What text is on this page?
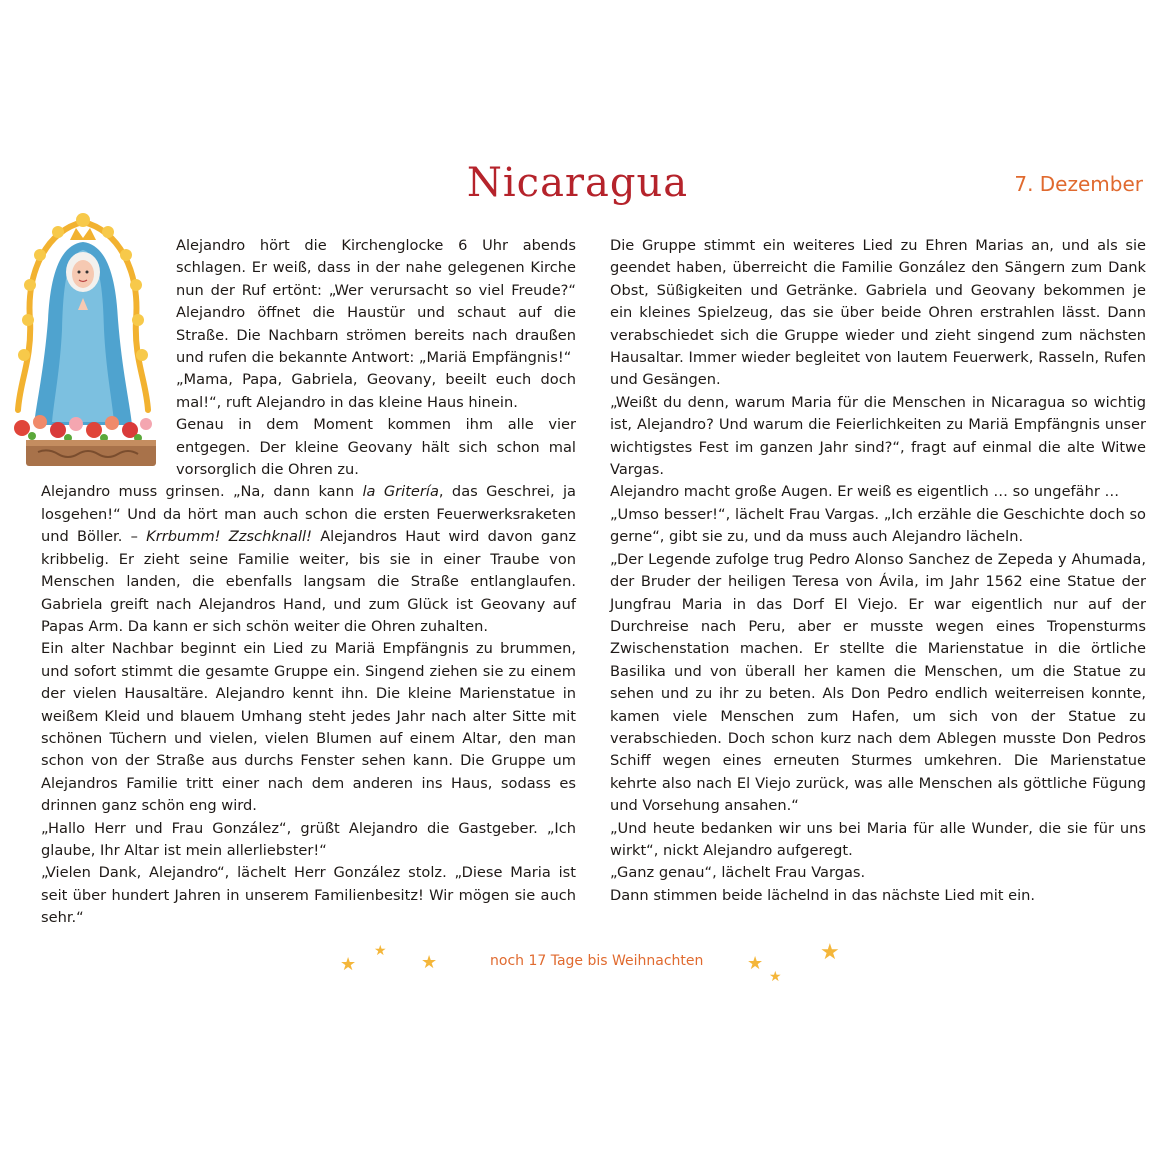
Nicaragua	7. Dezember

Alejandro hört die Kirchenglocke 6 Uhr abends schlagen. Er weiß, dass in der nahe gelegenen Kirche nun der Ruf ertönt: „Wer verursacht so viel Freude?“ Alejandro öffnet die Haustür und schaut auf die Straße. Die Nachbarn strömen bereits nach draußen und rufen die bekannte Antwort: „Mariä Empfängnis!“

„Mama, Papa, Gabriela, Geovany, beeilt euch doch mal!“, ruft Alejandro in das kleine Haus hinein.

Genau in dem Moment kommen ihm alle vier entgegen. Der kleine Geovany hält sich schon mal vorsorglich die Ohren zu.

Alejandro muss grinsen. „Na, dann kann la Gritería, das Geschrei, ja losgehen!“ Und da hört man auch schon die ersten Feuerwerksraketen und Böller. – Krrbumm! Zzschknall! Alejandros Haut wird davon ganz kribbelig. Er zieht seine Familie weiter, bis sie in einer Traube von Menschen landen, die ebenfalls langsam die Straße entlanglaufen. Gabriela greift nach Alejandros Hand, und zum Glück ist Geovany auf Papas Arm. Da kann er sich schön weiter die Ohren zuhalten.

Ein alter Nachbar beginnt ein Lied zu Mariä Empfängnis zu brummen, und sofort stimmt die gesamte Gruppe ein. Singend ziehen sie zu einem der vielen Hausaltäre. Alejandro kennt ihn. Die kleine Marienstatue in weißem Kleid und blauem Umhang steht jedes Jahr nach alter Sitte mit schönen Tüchern und vielen, vielen Blumen auf einem Altar, den man schon von der Straße aus durchs Fenster sehen kann. Die Gruppe um Alejandros Familie tritt einer nach dem anderen ins Haus, sodass es drinnen ganz schön eng wird.

„Hallo Herr und Frau González“, grüßt Alejandro die Gastgeber. „Ich glaube, Ihr Altar ist mein allerliebster!“

„Vielen Dank, Alejandro“, lächelt Herr González stolz. „Diese Maria ist seit über hundert Jahren in unserem Familienbesitz! Wir mögen sie auch sehr.“

Die Gruppe stimmt ein weiteres Lied zu Ehren Marias an, und als sie geendet haben, überreicht die Familie González den Sängern zum Dank Obst, Süßigkeiten und Getränke. Gabriela und Geovany bekommen je ein kleines Spielzeug, das sie über beide Ohren erstrahlen lässt. Dann verabschiedet sich die Gruppe wieder und zieht singend zum nächsten Hausaltar. Immer wieder begleitet von lautem Feuerwerk, Rasseln, Rufen und Gesängen.

„Weißt du denn, warum Maria für die Menschen in Nicaragua so wichtig ist, Alejandro? Und warum die Feierlichkeiten zu Mariä Empfängnis unser wichtigstes Fest im ganzen Jahr sind?“, fragt auf einmal die alte Witwe Vargas.

Alejandro macht große Augen. Er weiß es eigentlich … so ungefähr …

„Umso besser!“, lächelt Frau Vargas. „Ich erzähle die Geschichte doch so gerne“, gibt sie zu, und da muss auch Alejandro lächeln.

„Der Legende zufolge trug Pedro Alonso Sanchez de Zepeda y Ahumada, der Bruder der heiligen Teresa von Ávila, im Jahr 1562 eine Statue der Jungfrau Maria in das Dorf El Viejo. Er war eigentlich nur auf der Durchreise nach Peru, aber er musste wegen eines Tropensturms Zwischenstation machen. Er stellte die Marienstatue in die örtliche Basilika und von überall her kamen die Menschen, um die Statue zu sehen und zu ihr zu beten. Als Don Pedro endlich weiterreisen konnte, kamen viele Menschen zum Hafen, um sich von der Statue zu verabschieden. Doch schon kurz nach dem Ablegen musste Don Pedros Schiff wegen eines erneuten Sturmes umkehren. Die Marienstatue kehrte also nach El Viejo zurück, was alle Menschen als göttliche Fügung und Vorsehung ansahen.“

„Und heute bedanken wir uns bei Maria für alle Wunder, die sie für uns wirkt“, nickt Alejandro aufgeregt.

„Ganz genau“, lächelt Frau Vargas.

Dann stimmen beide lächelnd in das nächste Lied mit ein.

★
★
★	noch 17 Tage bis Weihnachten ★
★
★
